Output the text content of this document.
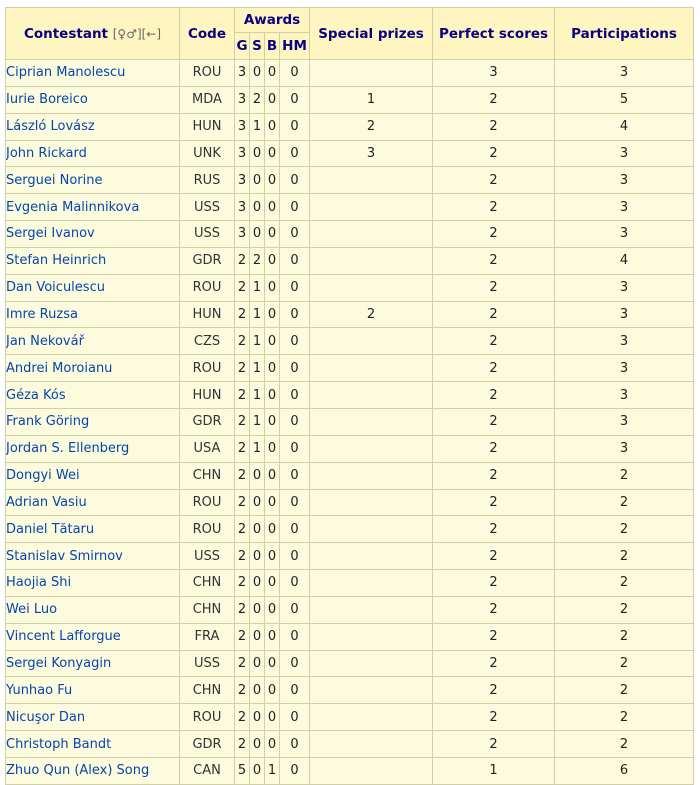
Contestant [♀♂][←]	Code	Awards				Special prizes	Perfect scores ▾	Participations
		G	S	B	HM			
Ciprian Manolescu	ROU	3	0	0	0		3	3
Iurie Boreico	MDA	3	2	0	0	1	2	5
László Lovász	HUN	3	1	0	0	2	2	4
John Rickard	UNK	3	0	0	0	3	2	3
Serguei Norine	RUS	3	0	0	0		2	3
Evgenia Malinnikova	USS	3	0	0	0		2	3
Sergei Ivanov	USS	3	0	0	0		2	3
Stefan Heinrich	GDR	2	2	0	0		2	4
Dan Voiculescu	ROU	2	1	0	0		2	3
Imre Ruzsa	HUN	2	1	0	0	2	2	3
Jan Nekovář	CZS	2	1	0	0		2	3
Andrei Moroianu	ROU	2	1	0	0		2	3
Géza Kós	HUN	2	1	0	0		2	3
Frank Göring	GDR	2	1	0	0		2	3
Jordan S. Ellenberg	USA	2	1	0	0		2	3
Dongyi Wei	CHN	2	0	0	0		2	2
Adrian Vasiu	ROU	2	0	0	0		2	2
Daniel Tătaru	ROU	2	0	0	0		2	2
Stanislav Smirnov	USS	2	0	0	0		2	2
Haojia Shi	CHN	2	0	0	0		2	2
Wei Luo	CHN	2	0	0	0		2	2
Vincent Lafforgue	FRA	2	0	0	0		2	2
Sergei Konyagin	USS	2	0	0	0		2	2
Yunhao Fu	CHN	2	0	0	0		2	2
Nicuşor Dan	ROU	2	0	0	0		2	2
Christoph Bandt	GDR	2	0	0	0		2	2
Zhuo Qun (Alex) Song	CAN	5	0	1	0		1	6
